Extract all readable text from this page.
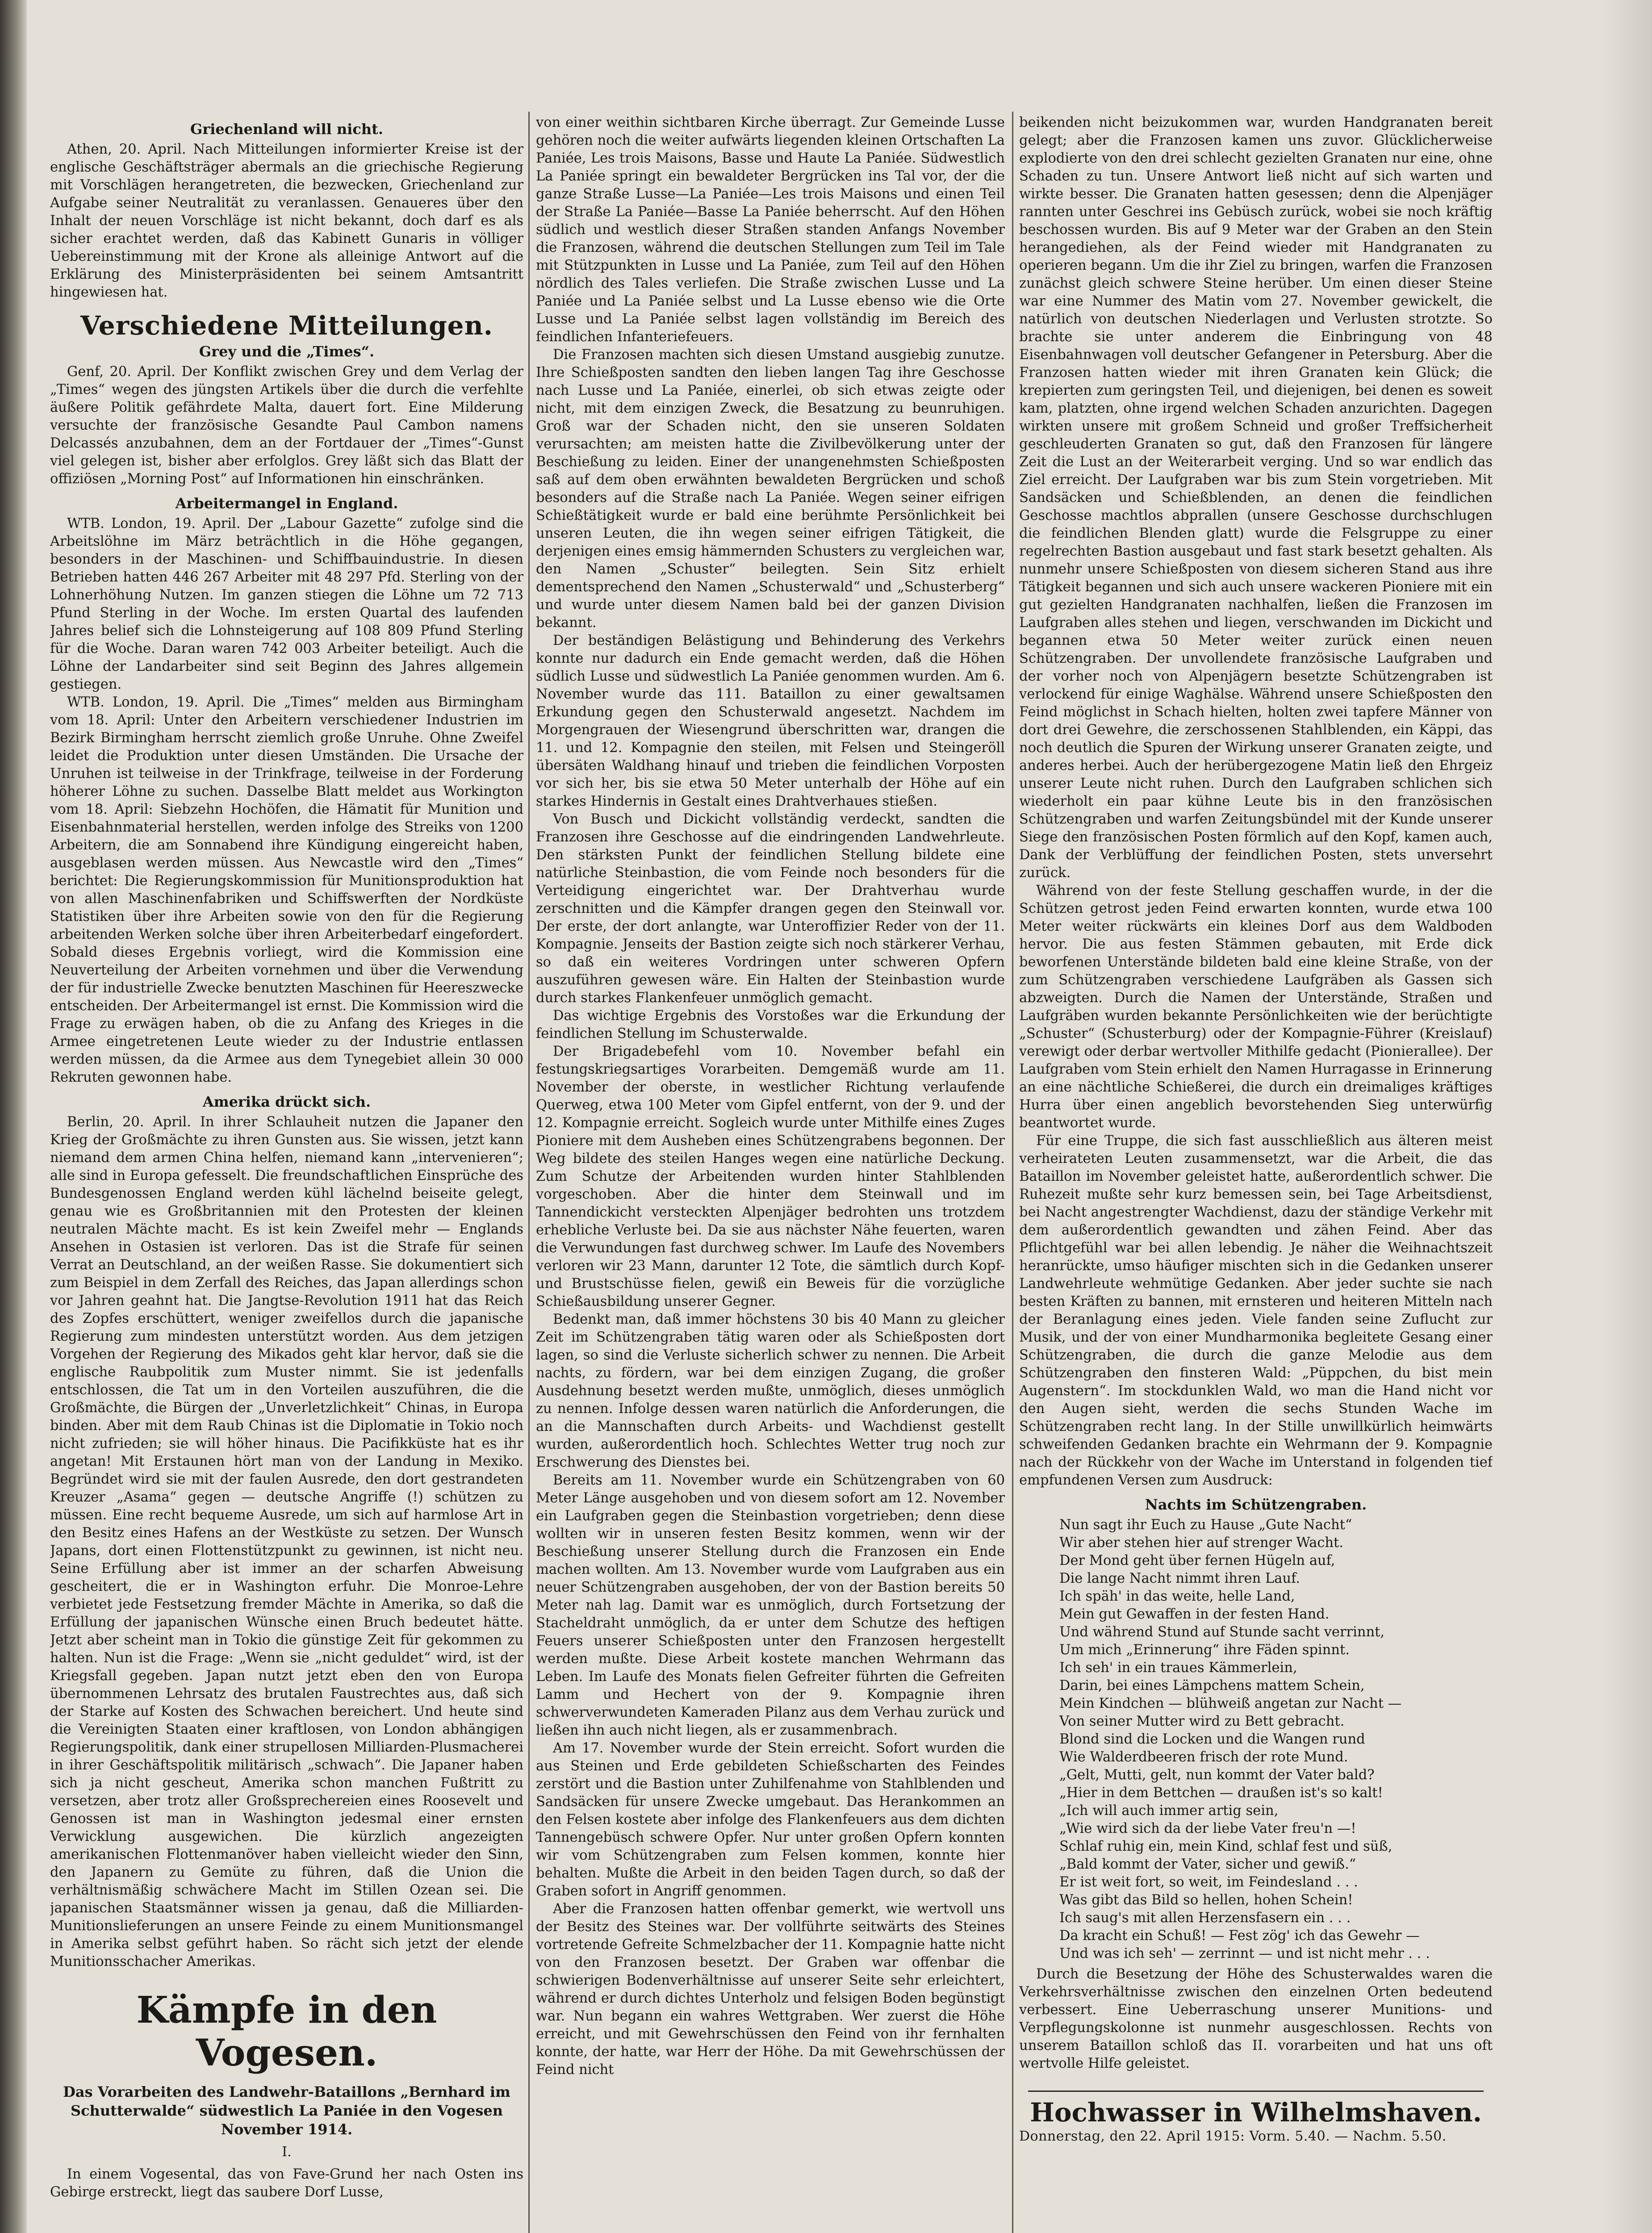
Griechenland will nicht.

Athen, 20. April. Nach Mitteilungen informierter Kreise ist der englische Geschäftsträger abermals an die griechische Regierung mit Vorschlägen herangetreten, die bezwecken, Griechenland zur Aufgabe seiner Neutralität zu veranlassen. Genaueres über den Inhalt der neuen Vorschläge ist nicht bekannt, doch darf es als sicher erachtet werden, daß das Kabinett Gunaris in völliger Uebereinstimmung mit der Krone als alleinige Antwort auf die Erklärung des Ministerpräsidenten bei seinem Amtsantritt hingewiesen hat.

Verschiedene Mitteilungen.
Grey und die „Times“.

Genf, 20. April. Der Konflikt zwischen Grey und dem Verlag der „Times“ wegen des jüngsten Artikels über die durch die verfehlte äußere Politik gefährdete Malta, dauert fort. Eine Milderung versuchte der französische Gesandte Paul Cambon namens Delcassés anzubahnen, dem an der Fortdauer der „Times“-Gunst viel gelegen ist, bisher aber erfolglos. Grey läßt sich das Blatt der offiziösen „Morning Post“ auf Informationen hin einschränken.

Arbeitermangel in England.

WTB. London, 19. April. Der „Labour Gazette“ zufolge sind die Arbeitslöhne im März beträchtlich in die Höhe gegangen, besonders in der Maschinen- und Schiffbauindustrie. In diesen Betrieben hatten 446 267 Arbeiter mit 48 297 Pfd. Sterling von der Lohnerhöhung Nutzen. Im ganzen stiegen die Löhne um 72 713 Pfund Sterling in der Woche. Im ersten Quartal des laufenden Jahres belief sich die Lohnsteigerung auf 108 809 Pfund Sterling für die Woche. Daran waren 742 003 Arbeiter beteiligt. Auch die Löhne der Landarbeiter sind seit Beginn des Jahres allgemein gestiegen.

WTB. London, 19. April. Die „Times“ melden aus Birmingham vom 18. April: Unter den Arbeitern verschiedener Industrien im Bezirk Birmingham herrscht ziemlich große Unruhe. Ohne Zweifel leidet die Produktion unter diesen Umständen. Die Ursache der Unruhen ist teilweise in der Trinkfrage, teilweise in der Forderung höherer Löhne zu suchen. Dasselbe Blatt meldet aus Workington vom 18. April: Siebzehn Hochöfen, die Hämatit für Munition und Eisenbahnmaterial herstellen, werden infolge des Streiks von 1200 Arbeitern, die am Sonnabend ihre Kündigung eingereicht haben, ausgeblasen werden müssen. Aus Newcastle wird den „Times“ berichtet: Die Regierungskommission für Munitionsproduktion hat von allen Maschinenfabriken und Schiffswerften der Nordküste Statistiken über ihre Arbeiten sowie von den für die Regierung arbeitenden Werken solche über ihren Arbeiterbedarf eingefordert. Sobald dieses Ergebnis vorliegt, wird die Kommission eine Neuverteilung der Arbeiten vornehmen und über die Verwendung der für industrielle Zwecke benutzten Maschinen für Heereszwecke entscheiden. Der Arbeitermangel ist ernst. Die Kommission wird die Frage zu erwägen haben, ob die zu Anfang des Krieges in die Armee eingetretenen Leute wieder zu der Industrie entlassen werden müssen, da die Armee aus dem Tynegebiet allein 30 000 Rekruten gewonnen habe.

Amerika drückt sich.

Berlin, 20. April. In ihrer Schlauheit nutzen die Japaner den Krieg der Großmächte zu ihren Gunsten aus. Sie wissen, jetzt kann niemand dem armen China helfen, niemand kann „intervenieren“; alle sind in Europa gefesselt. Die freundschaftlichen Einsprüche des Bundesgenossen England werden kühl lächelnd beiseite gelegt, genau wie es Großbritannien mit den Protesten der kleinen neutralen Mächte macht. Es ist kein Zweifel mehr — Englands Ansehen in Ostasien ist verloren. Das ist die Strafe für seinen Verrat an Deutschland, an der weißen Rasse. Sie dokumentiert sich zum Beispiel in dem Zerfall des Reiches, das Japan allerdings schon vor Jahren geahnt hat. Die Jangtse-Revolution 1911 hat das Reich des Zopfes erschüttert, weniger zweifellos durch die japanische Regierung zum mindesten unterstützt worden. Aus dem jetzigen Vorgehen der Regierung des Mikados geht klar hervor, daß sie die englische Raubpolitik zum Muster nimmt. Sie ist jedenfalls entschlossen, die Tat um in den Vorteilen auszuführen, die die Großmächte, die Bürgen der „Unverletzlichkeit“ Chinas, in Europa binden. Aber mit dem Raub Chinas ist die Diplomatie in Tokio noch nicht zufrieden; sie will höher hinaus. Die Pacifikküste hat es ihr angetan! Mit Erstaunen hört man von der Landung in Mexiko. Begründet wird sie mit der faulen Ausrede, den dort gestrandeten Kreuzer „Asama“ gegen — deutsche Angriffe (!) schützen zu müssen. Eine recht bequeme Ausrede, um sich auf harmlose Art in den Besitz eines Hafens an der Westküste zu setzen. Der Wunsch Japans, dort einen Flottenstützpunkt zu gewinnen, ist nicht neu. Seine Erfüllung aber ist immer an der scharfen Abweisung gescheitert, die er in Washington erfuhr. Die Monroe-Lehre verbietet jede Festsetzung fremder Mächte in Amerika, so daß die Erfüllung der japanischen Wünsche einen Bruch bedeutet hätte. Jetzt aber scheint man in Tokio die günstige Zeit für gekommen zu halten. Nun ist die Frage: „Wenn sie „nicht geduldet“ wird, ist der Kriegsfall gegeben. Japan nutzt jetzt eben den von Europa übernommenen Lehrsatz des brutalen Faustrechtes aus, daß sich der Starke auf Kosten des Schwachen bereichert. Und heute sind die Vereinigten Staaten einer kraftlosen, von London abhängigen Regierungspolitik, dank einer strupellosen Milliarden-Plusmacherei in ihrer Geschäftspolitik militärisch „schwach“. Die Japaner haben sich ja nicht gescheut, Amerika schon manchen Fußtritt zu versetzen, aber trotz aller Großsprechereien eines Roosevelt und Genossen ist man in Washington jedesmal einer ernsten Verwicklung ausgewichen. Die kürzlich angezeigten amerikanischen Flottenmanöver haben vielleicht wieder den Sinn, den Japanern zu Gemüte zu führen, daß die Union die verhältnismäßig schwächere Macht im Stillen Ozean sei. Die japanischen Staatsmänner wissen ja genau, daß die Milliarden-Munitionslieferungen an unsere Feinde zu einem Munitionsmangel in Amerika selbst geführt haben. So rächt sich jetzt der elende Munitionsschacher Amerikas.

Kämpfe in den Vogesen.
Das Vorarbeiten des Landwehr-Bataillons „Bernhard im Schutterwalde“ südwestlich La Paniée in den Vogesen November 1914.
I.

In einem Vogesental, das von Fave-Grund her nach Osten ins Gebirge erstreckt, liegt das saubere Dorf Lusse,

von einer weithin sichtbaren Kirche überragt. Zur Gemeinde Lusse gehören noch die weiter aufwärts liegenden kleinen Ortschaften La Paniée, Les trois Maisons, Basse und Haute La Paniée. Südwestlich La Paniée springt ein bewaldeter Bergrücken ins Tal vor, der die ganze Straße Lusse—La Paniée—Les trois Maisons und einen Teil der Straße La Paniée—Basse La Paniée beherrscht. Auf den Höhen südlich und westlich dieser Straßen standen Anfangs November die Franzosen, während die deutschen Stellungen zum Teil im Tale mit Stützpunkten in Lusse und La Paniée, zum Teil auf den Höhen nördlich des Tales verliefen. Die Straße zwischen Lusse und La Paniée und La Paniée selbst und La Lusse ebenso wie die Orte Lusse und La Paniée selbst lagen vollständig im Bereich des feindlichen Infanteriefeuers.

Die Franzosen machten sich diesen Umstand ausgiebig zunutze. Ihre Schießposten sandten den lieben langen Tag ihre Geschosse nach Lusse und La Paniée, einerlei, ob sich etwas zeigte oder nicht, mit dem einzigen Zweck, die Besatzung zu beunruhigen. Groß war der Schaden nicht, den sie unseren Soldaten verursachten; am meisten hatte die Zivilbevölkerung unter der Beschießung zu leiden. Einer der unangenehmsten Schießposten saß auf dem oben erwähnten bewaldeten Bergrücken und schoß besonders auf die Straße nach La Paniée. Wegen seiner eifrigen Schießtätigkeit wurde er bald eine berühmte Persönlichkeit bei unseren Leuten, die ihn wegen seiner eifrigen Tätigkeit, die derjenigen eines emsig hämmernden Schusters zu vergleichen war, den Namen „Schuster“ beilegten. Sein Sitz erhielt dementsprechend den Namen „Schusterwald“ und „Schusterberg“ und wurde unter diesem Namen bald bei der ganzen Division bekannt.

Der beständigen Belästigung und Behinderung des Verkehrs konnte nur dadurch ein Ende gemacht werden, daß die Höhen südlich Lusse und südwestlich La Paniée genommen wurden. Am 6. November wurde das 111. Bataillon zu einer gewaltsamen Erkundung gegen den Schusterwald angesetzt. Nachdem im Morgengrauen der Wiesengrund überschritten war, drangen die 11. und 12. Kompagnie den steilen, mit Felsen und Steingeröll übersäten Waldhang hinauf und trieben die feindlichen Vorposten vor sich her, bis sie etwa 50 Meter unterhalb der Höhe auf ein starkes Hindernis in Gestalt eines Drahtverhaues stießen.

Von Busch und Dickicht vollständig verdeckt, sandten die Franzosen ihre Geschosse auf die eindringenden Landwehrleute. Den stärksten Punkt der feindlichen Stellung bildete eine natürliche Steinbastion, die vom Feinde noch besonders für die Verteidigung eingerichtet war. Der Drahtverhau wurde zerschnitten und die Kämpfer drangen gegen den Steinwall vor. Der erste, der dort anlangte, war Unteroffizier Reder von der 11. Kompagnie. Jenseits der Bastion zeigte sich noch stärkerer Verhau, so daß ein weiteres Vordringen unter schweren Opfern auszuführen gewesen wäre. Ein Halten der Steinbastion wurde durch starkes Flankenfeuer unmöglich gemacht.

Das wichtige Ergebnis des Vorstoßes war die Erkundung der feindlichen Stellung im Schusterwalde.

Der Brigadebefehl vom 10. November befahl ein festungskriegsartiges Vorarbeiten. Demgemäß wurde am 11. November der oberste, in westlicher Richtung verlaufende Querweg, etwa 100 Meter vom Gipfel entfernt, von der 9. und der 12. Kompagnie erreicht. Sogleich wurde unter Mithilfe eines Zuges Pioniere mit dem Ausheben eines Schützengrabens begonnen. Der Weg bildete des steilen Hanges wegen eine natürliche Deckung. Zum Schutze der Arbeitenden wurden hinter Stahlblenden vorgeschoben. Aber die hinter dem Steinwall und im Tannendickicht versteckten Alpenjäger bedrohten uns trotzdem erhebliche Verluste bei. Da sie aus nächster Nähe feuerten, waren die Verwundungen fast durchweg schwer. Im Laufe des Novembers verloren wir 23 Mann, darunter 12 Tote, die sämtlich durch Kopf- und Brustschüsse fielen, gewiß ein Beweis für die vorzügliche Schießausbildung unserer Gegner.

Bedenkt man, daß immer höchstens 30 bis 40 Mann zu gleicher Zeit im Schützengraben tätig waren oder als Schießposten dort lagen, so sind die Verluste sicherlich schwer zu nennen. Die Arbeit nachts, zu fördern, war bei dem einzigen Zugang, die großer Ausdehnung besetzt werden mußte, unmöglich, dieses unmöglich zu nennen. Infolge dessen waren natürlich die Anforderungen, die an die Mannschaften durch Arbeits- und Wachdienst gestellt wurden, außerordentlich hoch. Schlechtes Wetter trug noch zur Erschwerung des Dienstes bei.

Bereits am 11. November wurde ein Schützengraben von 60 Meter Länge ausgehoben und von diesem sofort am 12. November ein Laufgraben gegen die Steinbastion vorgetrieben; denn diese wollten wir in unseren festen Besitz kommen, wenn wir der Beschießung unserer Stellung durch die Franzosen ein Ende machen wollten. Am 13. November wurde vom Laufgraben aus ein neuer Schützengraben ausgehoben, der von der Bastion bereits 50 Meter nah lag. Damit war es unmöglich, durch Fortsetzung der Stacheldraht unmöglich, da er unter dem Schutze des heftigen Feuers unserer Schießposten unter den Franzosen hergestellt werden mußte. Diese Arbeit kostete manchen Wehrmann das Leben. Im Laufe des Monats fielen Gefreiter führten die Gefreiten Lamm und Hechert von der 9. Kompagnie ihren schwerverwundeten Kameraden Pilanz aus dem Verhau zurück und ließen ihn auch nicht liegen, als er zusammenbrach.

Am 17. November wurde der Stein erreicht. Sofort wurden die aus Steinen und Erde gebildeten Schießscharten des Feindes zerstört und die Bastion unter Zuhilfenahme von Stahlblenden und Sandsäcken für unsere Zwecke umgebaut. Das Herankommen an den Felsen kostete aber infolge des Flankenfeuers aus dem dichten Tannengebüsch schwere Opfer. Nur unter großen Opfern konnten wir vom Schützengraben zum Felsen kommen, konnte hier behalten. Mußte die Arbeit in den beiden Tagen durch, so daß der Graben sofort in Angriff genommen.

Aber die Franzosen hatten offenbar gemerkt, wie wertvoll uns der Besitz des Steines war. Der vollführte seitwärts des Steines vortretende Gefreite Schmelzbacher der 11. Kompagnie hatte nicht von den Franzosen besetzt. Der Graben war offenbar die schwierigen Bodenverhältnisse auf unserer Seite sehr erleichtert, während er durch dichtes Unterholz und felsigen Boden begünstigt war. Nun begann ein wahres Wettgraben. Wer zuerst die Höhe erreicht, und mit Gewehrschüssen den Feind von ihr fernhalten konnte, der hatte, war Herr der Höhe. Da mit Gewehrschüssen der Feind nicht

beikenden nicht beizukommen war, wurden Handgranaten bereit gelegt; aber die Franzosen kamen uns zuvor. Glücklicherweise explodierte von den drei schlecht gezielten Granaten nur eine, ohne Schaden zu tun. Unsere Antwort ließ nicht auf sich warten und wirkte besser. Die Granaten hatten gesessen; denn die Alpenjäger rannten unter Geschrei ins Gebüsch zurück, wobei sie noch kräftig beschossen wurden. Bis auf 9 Meter war der Graben an den Stein herangediehen, als der Feind wieder mit Handgranaten zu operieren begann. Um die ihr Ziel zu bringen, warfen die Franzosen zunächst gleich schwere Steine herüber. Um einen dieser Steine war eine Nummer des Matin vom 27. November gewickelt, die natürlich von deutschen Niederlagen und Verlusten strotzte. So brachte sie unter anderem die Einbringung von 48 Eisenbahnwagen voll deutscher Gefangener in Petersburg. Aber die Franzosen hatten wieder mit ihren Granaten kein Glück; die krepierten zum geringsten Teil, und diejenigen, bei denen es soweit kam, platzten, ohne irgend welchen Schaden anzurichten. Dagegen wirkten unsere mit großem Schneid und großer Treffsicherheit geschleuderten Granaten so gut, daß den Franzosen für längere Zeit die Lust an der Weiterarbeit verging. Und so war endlich das Ziel erreicht. Der Laufgraben war bis zum Stein vorgetrieben. Mit Sandsäcken und Schießblenden, an denen die feindlichen Geschosse machtlos abprallen (unsere Geschosse durchschlugen die feindlichen Blenden glatt) wurde die Felsgruppe zu einer regelrechten Bastion ausgebaut und fast stark besetzt gehalten. Als nunmehr unsere Schießposten von diesem sicheren Stand aus ihre Tätigkeit begannen und sich auch unsere wackeren Pioniere mit ein gut gezielten Handgranaten nachhalfen, ließen die Franzosen im Laufgraben alles stehen und liegen, verschwanden im Dickicht und begannen etwa 50 Meter weiter zurück einen neuen Schützengraben. Der unvollendete französische Laufgraben und der vorher noch von Alpenjägern besetzte Schützengraben ist verlockend für einige Waghälse. Während unsere Schießposten den Feind möglichst in Schach hielten, holten zwei tapfere Männer von dort drei Gewehre, die zerschossenen Stahlblenden, ein Käppi, das noch deutlich die Spuren der Wirkung unserer Granaten zeigte, und anderes herbei. Auch der herübergezogene Matin ließ den Ehrgeiz unserer Leute nicht ruhen. Durch den Laufgraben schlichen sich wiederholt ein paar kühne Leute bis in den französischen Schützengraben und warfen Zeitungsbündel mit der Kunde unserer Siege den französischen Posten förmlich auf den Kopf, kamen auch, Dank der Verblüffung der feindlichen Posten, stets unversehrt zurück.

Während von der feste Stellung geschaffen wurde, in der die Schützen getrost jeden Feind erwarten konnten, wurde etwa 100 Meter weiter rückwärts ein kleines Dorf aus dem Waldboden hervor. Die aus festen Stämmen gebauten, mit Erde dick beworfenen Unterstände bildeten bald eine kleine Straße, von der zum Schützengraben verschiedene Laufgräben als Gassen sich abzweigten. Durch die Namen der Unterstände, Straßen und Laufgräben wurden bekannte Persönlichkeiten wie der berüchtigte „Schuster“ (Schusterburg) oder der Kompagnie-Führer (Kreislauf) verewigt oder derbar wertvoller Mithilfe gedacht (Pionierallee). Der Laufgraben vom Stein erhielt den Namen Hurragasse in Erinnerung an eine nächtliche Schießerei, die durch ein dreimaliges kräftiges Hurra über einen angeblich bevorstehenden Sieg unterwürfig beantwortet wurde.

Für eine Truppe, die sich fast ausschließlich aus älteren meist verheirateten Leuten zusammensetzt, war die Arbeit, die das Bataillon im November geleistet hatte, außerordentlich schwer. Die Ruhezeit mußte sehr kurz bemessen sein, bei Tage Arbeitsdienst, bei Nacht angestrengter Wachdienst, dazu der ständige Verkehr mit dem außerordentlich gewandten und zähen Feind. Aber das Pflichtgefühl war bei allen lebendig. Je näher die Weihnachtszeit heranrückte, umso häufiger mischten sich in die Gedanken unserer Landwehrleute wehmütige Gedanken. Aber jeder suchte sie nach besten Kräften zu bannen, mit ernsteren und heiteren Mitteln nach der Beranlagung eines jeden. Viele fanden seine Zuflucht zur Musik, und der von einer Mundharmonika begleitete Gesang einer Schützengraben, die durch die ganze Melodie aus dem Schützengraben den finsteren Wald: „Püppchen, du bist mein Augenstern“. Im stockdunklen Wald, wo man die Hand nicht vor den Augen sieht, werden die sechs Stunden Wache im Schützengraben recht lang. In der Stille unwillkürlich heimwärts schweifenden Gedanken brachte ein Wehrmann der 9. Kompagnie nach der Rückkehr von der Wache im Unterstand in folgenden tief empfundenen Versen zum Ausdruck:

Nachts im Schützengraben.
Nun sagt ihr Euch zu Hause „Gute Nacht“
Wir aber stehen hier auf strenger Wacht.
Der Mond geht über fernen Hügeln auf,
Die lange Nacht nimmt ihren Lauf.
Ich späh' in das weite, helle Land,
Mein gut Gewaffen in der festen Hand.
Und während Stund auf Stunde sacht verrinnt,
Um mich „Erinnerung“ ihre Fäden spinnt.
Ich seh' in ein traues Kämmerlein,
Darin, bei eines Lämpchens mattem Schein,
Mein Kindchen — blühweiß angetan zur Nacht —
Von seiner Mutter wird zu Bett gebracht.
Blond sind die Locken und die Wangen rund
Wie Walderdbeeren frisch der rote Mund.
„Gelt, Mutti, gelt, nun kommt der Vater bald?
„Hier in dem Bettchen — draußen ist's so kalt!
„Ich will auch immer artig sein,
„Wie wird sich da der liebe Vater freu'n —!
Schlaf ruhig ein, mein Kind, schlaf fest und süß,
„Bald kommt der Vater, sicher und gewiß.“
Er ist weit fort, so weit, im Feindesland . . .
Was gibt das Bild so hellen, hohen Schein!
Ich saug's mit allen Herzensfasern ein . . .
Da kracht ein Schuß! — Fest zög' ich das Gewehr —
Und was ich seh' — zerrinnt — und ist nicht mehr . . .

Durch die Besetzung der Höhe des Schusterwaldes waren die Verkehrsverhältnisse zwischen den einzelnen Orten bedeutend verbessert. Eine Ueberraschung unserer Munitions- und Verpflegungskolonne ist nunmehr ausgeschlossen. Rechts von unserem Bataillon schloß das II. vorarbeiten und hat uns oft wertvolle Hilfe geleistet.

Hochwasser in Wilhelmshaven.
Donnerstag, den 22. April 1915: Vorm. 5.40. — Nachm. 5.50.
